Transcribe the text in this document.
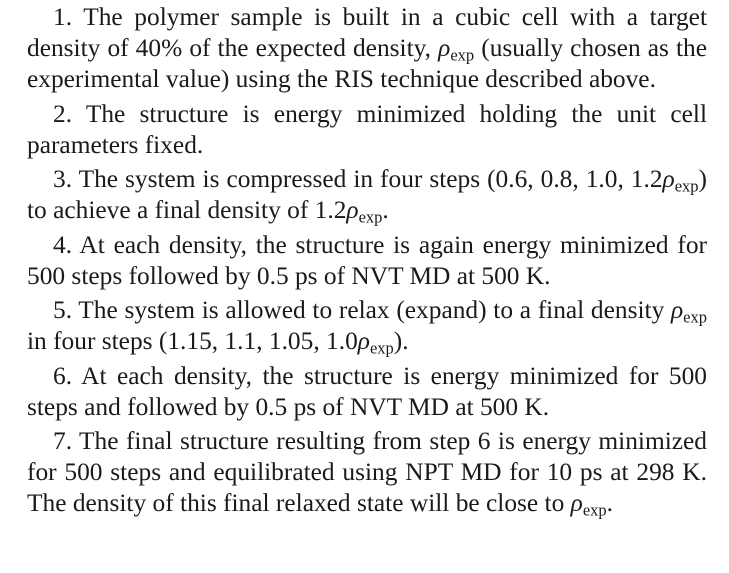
1. The polymer sample is built in a cubic cell with a target density of 40% of the expected density, $\rho_{exp}$ (usually chosen as the experimental value) using the RIS technique described above.

2. The structure is energy minimized holding the unit cell parameters fixed.

3. The system is compressed in four steps (0.6, 0.8, 1.0, $1.2\rho_{exp}$) to achieve a final density of $1.2\rho_{exp}$.

4. At each density, the structure is again energy minimized for 500 steps followed by 0.5 ps of NVT MD at 500 K.

5. The system is allowed to relax (expand) to a final density $\rho_{exp}$ in four steps (1.15, 1.1, 1.05, $1.0\rho_{exp}$).

6. At each density, the structure is energy minimized for 500 steps and followed by 0.5 ps of NVT MD at 500 K.

7. The final structure resulting from step 6 is energy minimized for 500 steps and equilibrated using NPT MD for 10 ps at 298 K. The density of this final relaxed state will be close to $\rho_{exp}$.
